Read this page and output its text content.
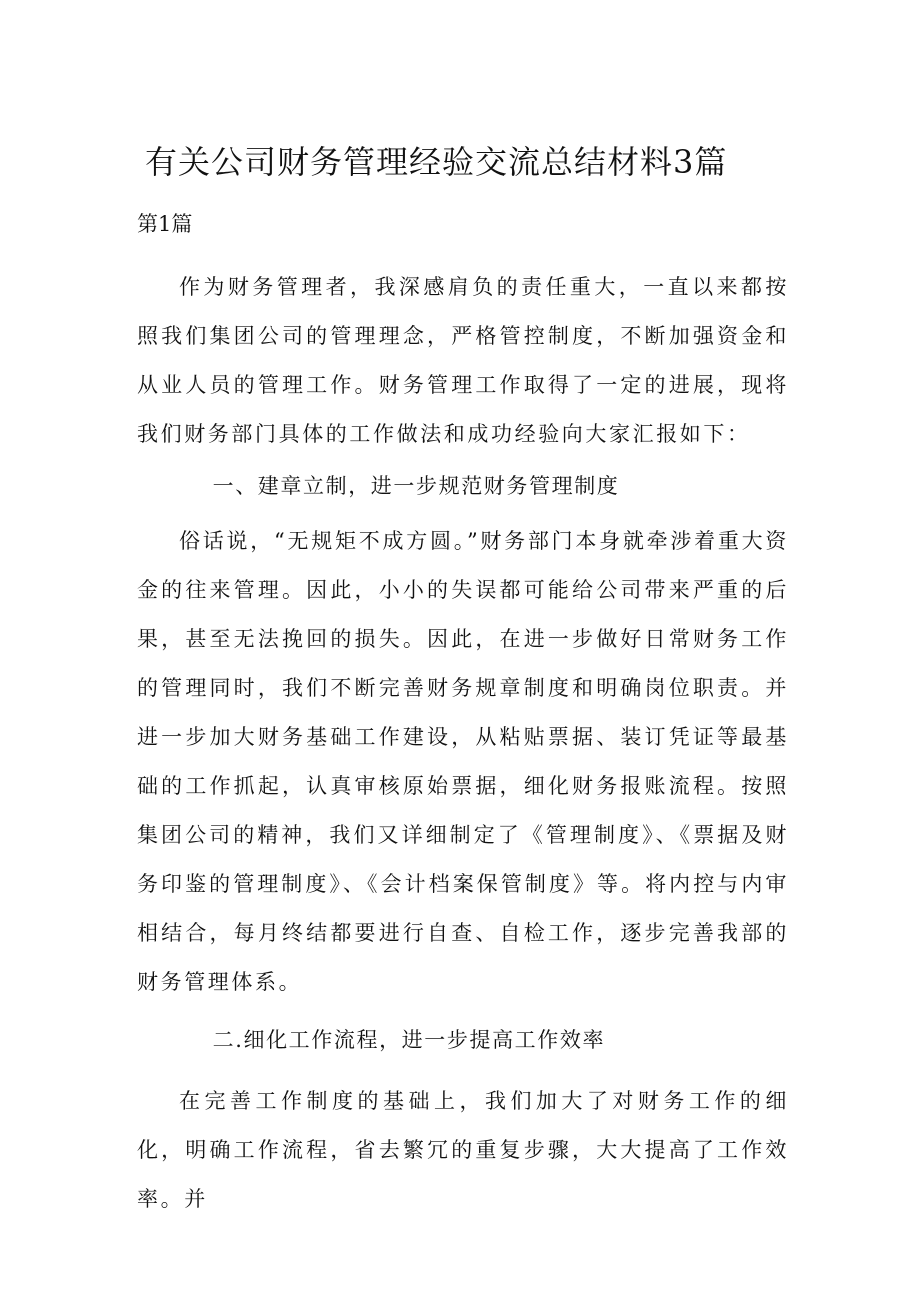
有关公司财务管理经验交流总结材料3篇
第1篇

作为财务管理者，我深感肩负的责任重大，一直以来都按照我们集团公司的管理理念，严格管控制度，不断加强资金和从业人员的管理工作。财务管理工作取得了一定的进展，现将我们财务部门具体的工作做法和成功经验向大家汇报如下：

一、建章立制，进一步规范财务管理制度

俗话说，“无规矩不成方圆。”财务部门本身就牵涉着重大资金的往来管理。因此，小小的失误都可能给公司带来严重的后果，甚至无法挽回的损失。因此，在进一步做好日常财务工作的管理同时，我们不断完善财务规章制度和明确岗位职责。并进一步加大财务基础工作建设，从粘贴票据、装订凭证等最基础的工作抓起，认真审核原始票据，细化财务报账流程。按照集团公司的精神，我们又详细制定了《管理制度》、《票据及财务印鉴的管理制度》、《会计档案保管制度》等。将内控与内审相结合，每月终结都要进行自查、自检工作，逐步完善我部的财务管理体系。

二.细化工作流程，进一步提高工作效率

在完善工作制度的基础上，我们加大了对财务工作的细化，明确工作流程，省去繁冗的重复步骤，大大提高了工作效率。并
